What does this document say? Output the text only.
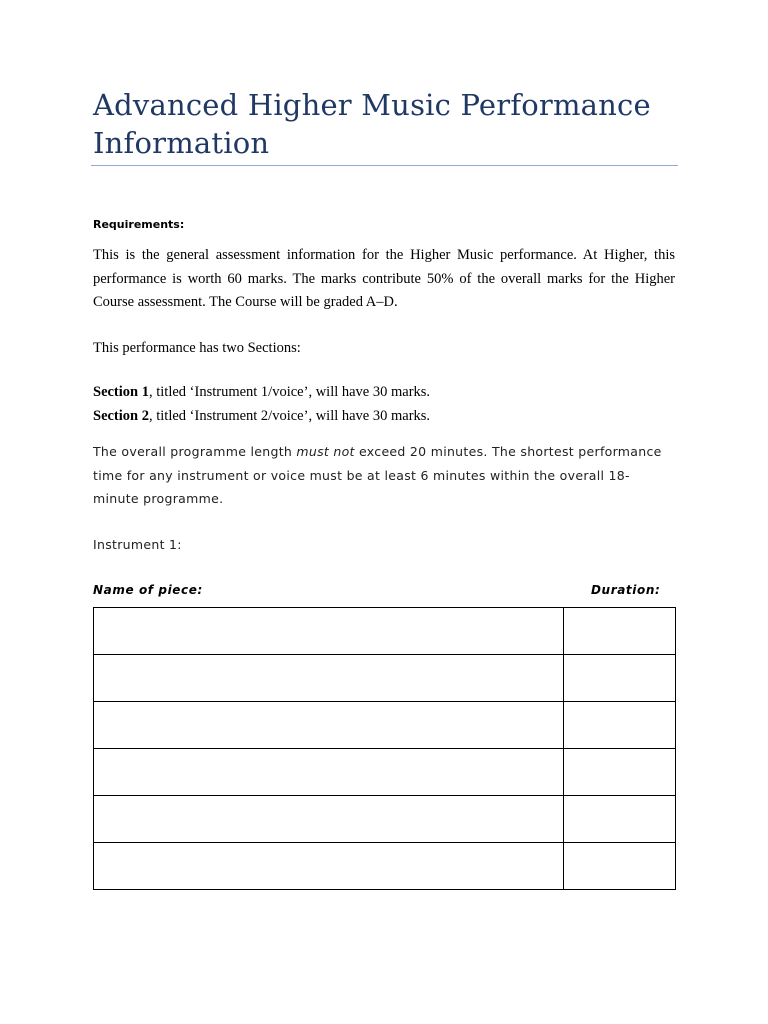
Advanced Higher Music Performance Information

Requirements:

This is the general assessment information for the Higher Music performance. At Higher, this performance is worth 60 marks. The marks contribute 50% of the overall marks for the Higher Course assessment. The Course will be graded A–D.

This performance has two Sections:

Section 1, titled ‘Instrument 1/voice’, will have 30 marks.

Section 2, titled ‘Instrument 2/voice’, will have 30 marks.

The overall programme length must not exceed 20 minutes. The shortest performance time for any instrument or voice must be at least 6 minutes within the overall 18-minute programme.

Instrument 1:

Name of piece:	Duration:
